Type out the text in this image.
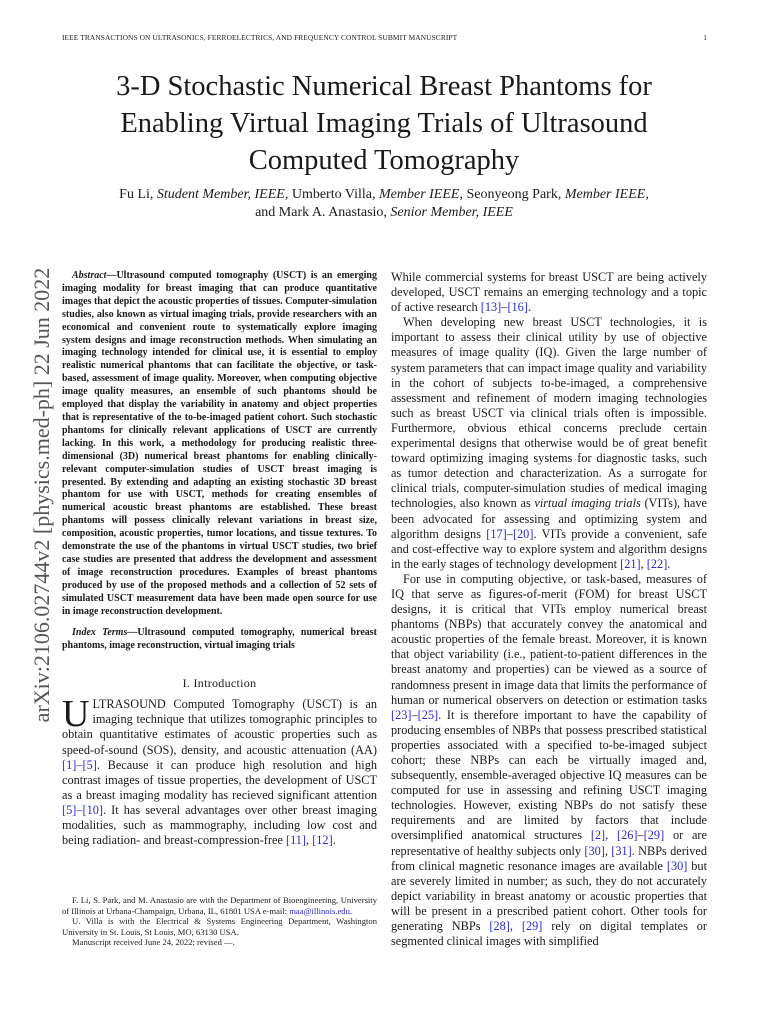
IEEE TRANSACTIONS ON ULTRASONICS, FERROELECTRICS, AND FREQUENCY CONTROL SUBMIT MANUSCRIPT	1
arXiv:2106.02744v2 [physics.med-ph] 22 Jun 2022
3-D Stochastic Numerical Breast Phantoms for Enabling Virtual Imaging Trials of Ultrasound Computed Tomography
Fu Li, Student Member, IEEE, Umberto Villa, Member IEEE, Seonyeong Park, Member IEEE,
and Mark A. Anastasio, Senior Member, IEEE

Abstract—Ultrasound computed tomography (USCT) is an emerging imaging modality for breast imaging that can produce quantitative images that depict the acoustic properties of tissues. Computer-simulation studies, also known as virtual imaging trials, provide researchers with an economical and convenient route to systematically explore imaging system designs and image reconstruction methods. When simulating an imaging technology intended for clinical use, it is essential to employ realistic numerical phantoms that can facilitate the objective, or task-based, assessment of image quality. Moreover, when computing objective image quality measures, an ensemble of such phantoms should be employed that display the variability in anatomy and object properties that is representative of the to-be-imaged patient cohort. Such stochastic phantoms for clinically relevant applications of USCT are currently lacking. In this work, a methodology for producing realistic three-dimensional (3D) numerical breast phantoms for enabling clinically-relevant computer-simulation studies of USCT breast imaging is presented. By extending and adapting an existing stochastic 3D breast phantom for use with USCT, methods for creating ensembles of numerical acoustic breast phantoms are established. These breast phantoms will possess clinically relevant variations in breast size, composition, acoustic properties, tumor locations, and tissue textures. To demonstrate the use of the phantoms in virtual USCT studies, two brief case studies are presented that address the development and assessment of image reconstruction procedures. Examples of breast phantoms produced by use of the proposed methods and a collection of 52 sets of simulated USCT measurement data have been made open source for use in image reconstruction development.

Index Terms—Ultrasound computed tomography, numerical breast phantoms, image reconstruction, virtual imaging trials

I. Introduction

ULTRASOUND Computed Tomography (USCT) is an imaging technique that utilizes tomographic principles to obtain quantitative estimates of acoustic properties such as speed-of-sound (SOS), density, and acoustic attenuation (AA) [1]–[5]. Because it can produce high resolution and high contrast images of tissue properties, the development of USCT as a breast imaging modality has recieved significant attention [5]–[10]. It has several advantages over other breast imaging modalities, such as mammography, including low cost and being radiation- and breast-compression-free [11], [12].

F. Li, S. Park, and M. Anastasio are with the Department of Bioengineering, University of Illinois at Urbana-Champaign, Urbana, IL, 61801 USA e-mail: maa@illinois.edu.

U. Villa is with the Electrical & Systems Engineering Department, Washington University in St. Louis, St Louis, MO, 63130 USA.

Manuscript received June 24, 2022; revised —.

While commercial systems for breast USCT are being actively developed, USCT remains an emerging technology and a topic of active research [13]–[16].

When developing new breast USCT technologies, it is important to assess their clinical utility by use of objective measures of image quality (IQ). Given the large number of system parameters that can impact image quality and variability in the cohort of subjects to-be-imaged, a comprehensive assessment and refinement of modern imaging technologies such as breast USCT via clinical trials often is impossible. Furthermore, obvious ethical concerns preclude certain experimental designs that otherwise would be of great benefit toward optimizing imaging systems for diagnostic tasks, such as tumor detection and characterization. As a surrogate for clinical trials, computer-simulation studies of medical imaging technologies, also known as virtual imaging trials (VITs), have been advocated for assessing and optimizing system and algorithm designs [17]–[20]. VITs provide a convenient, safe and cost-effective way to explore system and algorithm designs in the early stages of technology development [21], [22].

For use in computing objective, or task-based, measures of IQ that serve as figures-of-merit (FOM) for breast USCT designs, it is critical that VITs employ numerical breast phantoms (NBPs) that accurately convey the anatomical and acoustic properties of the female breast. Moreover, it is known that object variability (i.e., patient-to-patient differences in the breast anatomy and properties) can be viewed as a source of randomness present in image data that limits the performance of human or numerical observers on detection or estimation tasks [23]–[25]. It is therefore important to have the capability of producing ensembles of NBPs that possess prescribed statistical properties associated with a specified to-be-imaged subject cohort; these NBPs can each be virtually imaged and, subsequently, ensemble-averaged objective IQ measures can be computed for use in assessing and refining USCT imaging technologies. However, existing NBPs do not satisfy these requirements and are limited by factors that include oversimplified anatomical structures [2], [26]–[29] or are representative of healthy subjects only [30], [31]. NBPs derived from clinical magnetic resonance images are available [30] but are severely limited in number; as such, they do not accurately depict variability in breast anatomy or acoustic properties that will be present in a prescribed patient cohort. Other tools for generating NBPs [28], [29] rely on digital templates or segmented clinical images with simplified
